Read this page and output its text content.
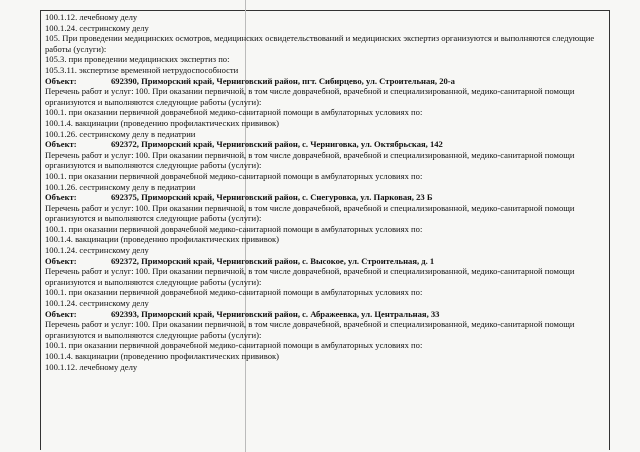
100.1.12. лечебному делу
100.1.24. сестринскому делу
105. При проведении медицинских осмотров, медицинских освидетельствований и медицинских экспертиз организуются и выполняются следующие работы (услуги):
105.3. при проведении медицинских экспертиз по:
105.3.11. экспертизе временной нетрудоспособности
Объект:	692390, Приморский край, Черниговский район, пгт. Сибирцево, ул. Строительная, 20-а
Перечень работ и услуг:100. При оказании первичной, в том числе доврачебной, врачебной и специализированной, медико-санитарной помощи организуются и выполняются следующие работы (услуги):
100.1. при оказании первичной доврачебной медико-санитарной помощи в амбулаторных условиях по:
100.1.4. вакцинации (проведению профилактических прививок)
100.1.26. сестринскому делу в педиатрии
Объект:	692372, Приморский край, Черниговский район, с. Черниговка, ул. Октябрьская, 142
Перечень работ и услуг:100. При оказании первичной, в том числе доврачебной, врачебной и специализированной, медико-санитарной помощи организуются и выполняются следующие работы (услуги):
100.1. при оказании первичной доврачебной медико-санитарной помощи в амбулаторных условиях по:
100.1.26. сестринскому делу в педиатрии
Объект:	692375, Приморский край, Черниговский район, с. Снегуровка, ул. Парковая, 23 Б
Перечень работ и услуг:100. При оказании первичной, в том числе доврачебной, врачебной и специализированной, медико-санитарной помощи организуются и выполняются следующие работы (услуги):
100.1. при оказании первичной доврачебной медико-санитарной помощи в амбулаторных условиях по:
100.1.4. вакцинации (проведению профилактических прививок)
100.1.24. сестринскому делу
Объект:	692372, Приморский край, Черниговский район, с. Высокое, ул. Строительная, д. 1
Перечень работ и услуг:100. При оказании первичной, в том числе доврачебной, врачебной и специализированной, медико-санитарной помощи организуются и выполняются следующие работы (услуги):
100.1. при оказании первичной доврачебной медико-санитарной помощи в амбулаторных условиях по:
100.1.24. сестринскому делу
Объект:	692393, Приморский край, Черниговский район, с. Абражеевка, ул. Центральная, 33
Перечень работ и услуг:100. При оказании первичной, в том числе доврачебной, врачебной и специализированной, медико-санитарной помощи организуются и выполняются следующие работы (услуги):
100.1. при оказании первичной доврачебной медико-санитарной помощи в амбулаторных условиях по:
100.1.4. вакцинации (проведению профилактических прививок)
100.1.12. лечебному делу
